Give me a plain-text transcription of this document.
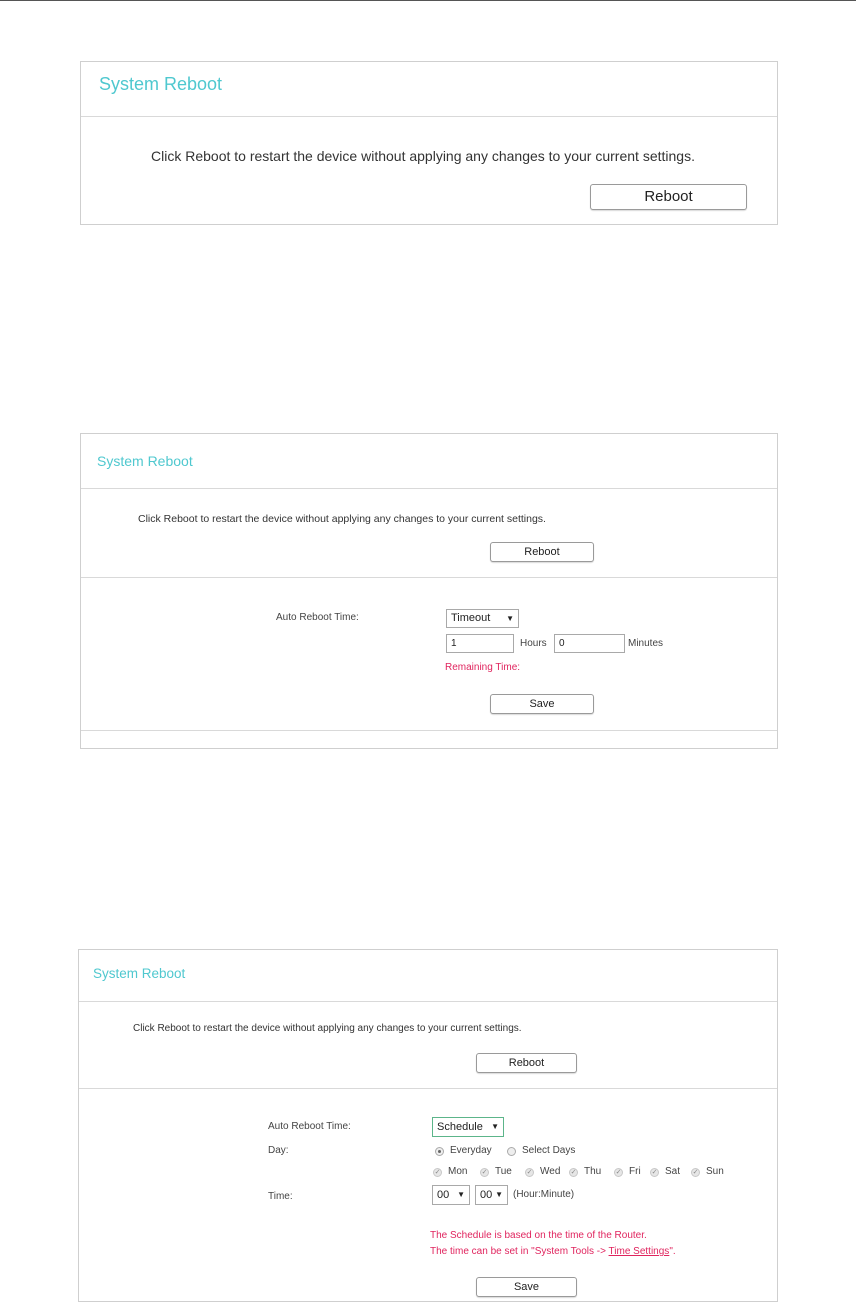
System Reboot
Click Reboot to restart the device without applying any changes to your current settings.
Reboot
System Reboot
Click Reboot to restart the device without applying any changes to your current settings.
Reboot
Auto Reboot Time:	Timeout ▼
1	Hours	0	Minutes
Remaining Time:
Save
System Reboot
Click Reboot to restart the device without applying any changes to your current settings.
Reboot
Auto Reboot Time:	Schedule ▼
Day:	Everyday	Select Days
✓ Mon ✓ Tue ✓ Wed ✓ Thu ✓ Fri ✓ Sat ✓ Sun
Time:	00 ▼	00 ▼ (Hour:Minute)
The Schedule is based on the time of the Router.
The time can be set in "System Tools -> Time Settings".
Save
